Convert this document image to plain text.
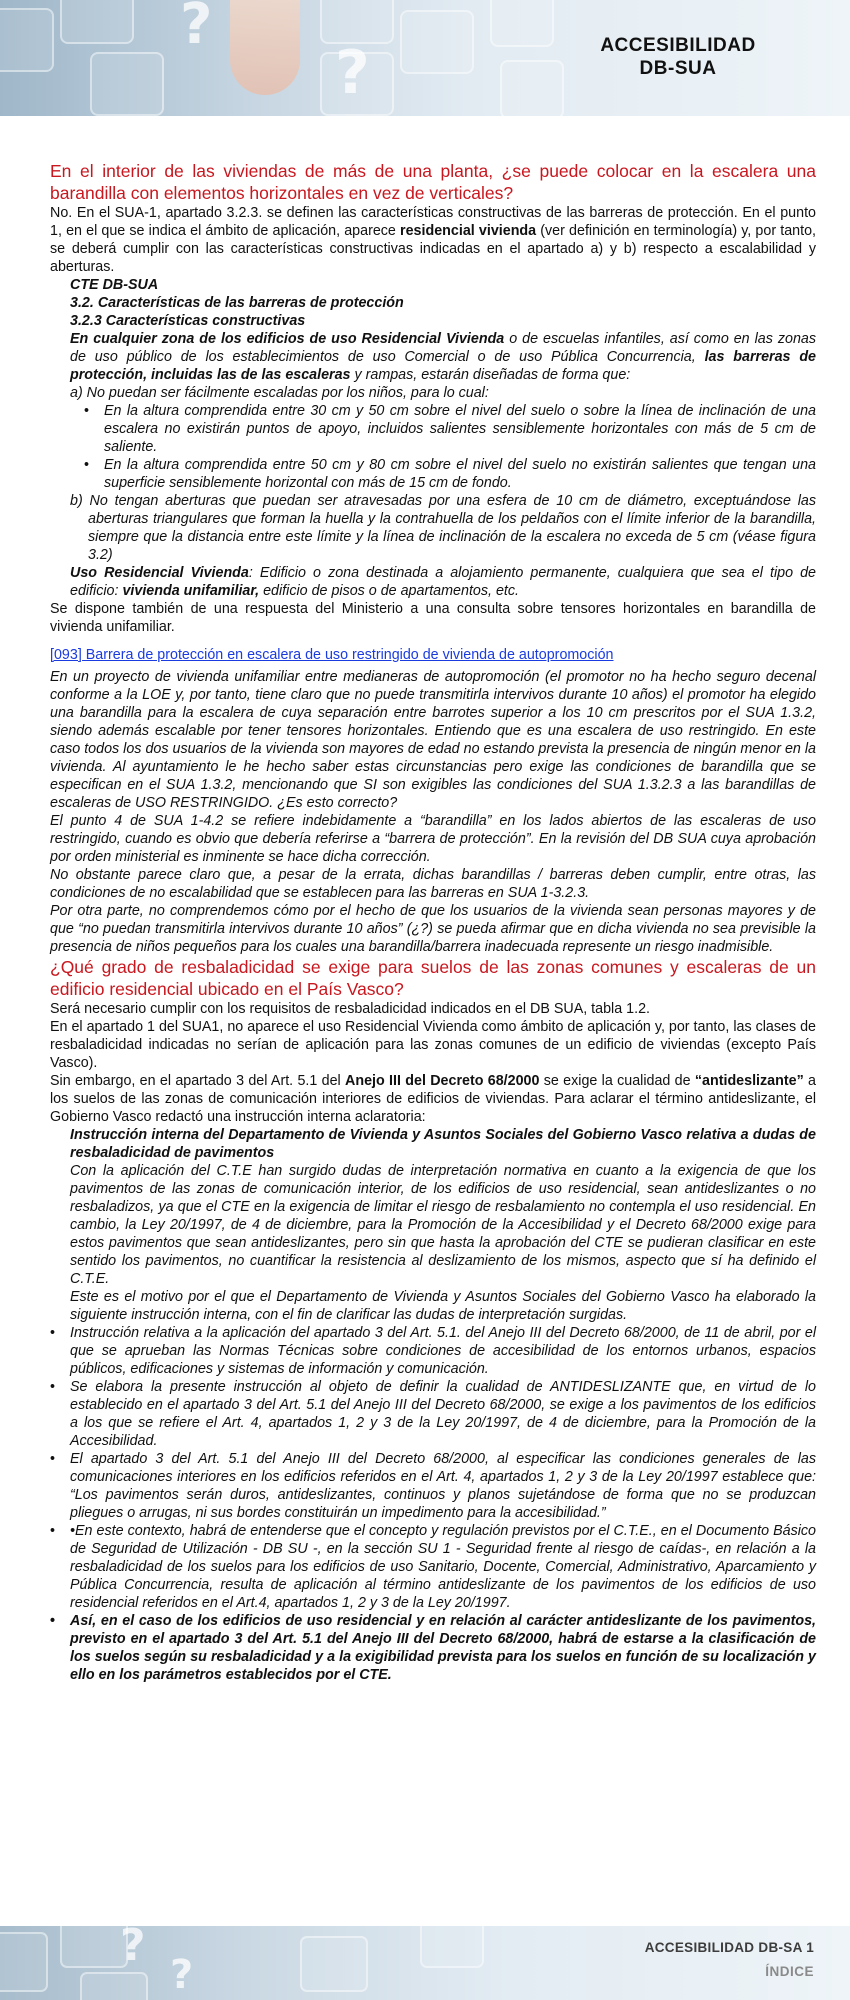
?
?	ACCESIBILIDAD
DB-SUA

En el interior de las viviendas de más de una planta, ¿se puede colocar en la escalera una barandilla con elementos horizontales en vez de verticales?

No. En el SUA-1, apartado 3.2.3. se definen las características constructivas de las barreras de protección. En el punto 1, en el que se indica el ámbito de aplicación, aparece residencial vivienda (ver definición en terminología) y, por tanto, se deberá cumplir con las características constructivas indicadas en el apartado a) y b) respecto a escalabilidad y aberturas.

CTE DB-SUA

3.2. Características de las barreras de protección

3.2.3 Características constructivas

En cualquier zona de los edificios de uso Residencial Vivienda o de escuelas infantiles, así como en las zonas de uso público de los establecimientos de uso Comercial o de uso Pública Concurrencia, las barreras de protección, incluidas las de las escaleras y rampas, estarán diseñadas de forma que:

a) No puedan ser fácilmente escaladas por los niños, para lo cual:

• En la altura comprendida entre 30 cm y 50 cm sobre el nivel del suelo o sobre la línea de inclinación de una escalera no existirán puntos de apoyo, incluidos salientes sensiblemente horizontales con más de 5 cm de saliente.
• En la altura comprendida entre 50 cm y 80 cm sobre el nivel del suelo no existirán salientes que tengan una superficie sensiblemente horizontal con más de 15 cm de fondo.

b) No tengan aberturas que puedan ser atravesadas por una esfera de 10 cm de diámetro, exceptuándose las aberturas triangulares que forman la huella y la contrahuella de los peldaños con el límite inferior de la barandilla, siempre que la distancia entre este límite y la línea de inclinación de la escalera no exceda de 5 cm (véase figura 3.2)

Uso Residencial Vivienda: Edificio o zona destinada a alojamiento permanente, cualquiera que sea el tipo de edificio: vivienda unifamiliar, edificio de pisos o de apartamentos, etc.

Se dispone también de una respuesta del Ministerio a una consulta sobre tensores horizontales en barandilla de vivienda unifamiliar.

[093] Barrera de protección en escalera de uso restringido de vivienda de autopromoción

En un proyecto de vivienda unifamiliar entre medianeras de autopromoción (el promotor no ha hecho seguro decenal conforme a la LOE y, por tanto, tiene claro que no puede transmitirla intervivos durante 10 años) el promotor ha elegido una barandilla para la escalera de cuya separación entre barrotes superior a los 10 cm prescritos por el SUA 1.3.2, siendo además escalable por tener tensores horizontales. Entiendo que es una escalera de uso restringido. En este caso todos los dos usuarios de la vivienda son mayores de edad no estando prevista la presencia de ningún menor en la vivienda. Al ayuntamiento le he hecho saber estas circunstancias pero exige las condiciones de barandilla que se especifican en el SUA 1.3.2, mencionando que SI son exigibles las condiciones del SUA 1.3.2.3 a las barandillas de escaleras de USO RESTRINGIDO. ¿Es esto correcto?

El punto 4 de SUA 1-4.2 se refiere indebidamente a “barandilla” en los lados abiertos de las escaleras de uso restringido, cuando es obvio que debería referirse a “barrera de protección”. En la revisión del DB SUA cuya aprobación por orden ministerial es inminente se hace dicha corrección.

No obstante parece claro que, a pesar de la errata, dichas barandillas / barreras deben cumplir, entre otras, las condiciones de no escalabilidad que se establecen para las barreras en SUA 1-3.2.3.

Por otra parte, no comprendemos cómo por el hecho de que los usuarios de la vivienda sean personas mayores y de que “no puedan transmitirla intervivos durante 10 años” (¿?) se pueda afirmar que en dicha vivienda no sea previsible la presencia de niños pequeños para los cuales una barandilla/barrera inadecuada represente un riesgo inadmisible.

¿Qué grado de resbaladicidad se exige para suelos de las zonas comunes y escaleras de un edificio residencial ubicado en el País Vasco?

Será necesario cumplir con los requisitos de resbaladicidad indicados en el DB SUA, tabla 1.2.

En el apartado 1 del SUA1, no aparece el uso Residencial Vivienda como ámbito de aplicación y, por tanto, las clases de resbaladicidad indicadas no serían de aplicación para las zonas comunes de un edificio de viviendas (excepto País Vasco).

Sin embargo, en el apartado 3 del Art. 5.1 del Anejo III del Decreto 68/2000 se exige la cualidad de “antideslizante” a los suelos de las zonas de comunicación interiores de edificios de viviendas. Para aclarar el término antideslizante, el Gobierno Vasco redactó una instrucción interna aclaratoria:

Instrucción interna del Departamento de Vivienda y Asuntos Sociales del Gobierno Vasco relativa a dudas de resbaladicidad de pavimentos

Con la aplicación del C.T.E han surgido dudas de interpretación normativa en cuanto a la exigencia de que los pavimentos de las zonas de comunicación interior, de los edificios de uso residencial, sean antideslizantes o no resbaladizos, ya que el CTE en la exigencia de limitar el riesgo de resbalamiento no contempla el uso residencial. En cambio, la Ley 20/1997, de 4 de diciembre, para la Promoción de la Accesibilidad y el Decreto 68/2000 exige para estos pavimentos que sean antideslizantes, pero sin que hasta la aprobación del CTE se pudieran clasificar en este sentido los pavimentos, no cuantificar la resistencia al deslizamiento de los mismos, aspecto que sí ha definido el C.T.E.

Este es el motivo por el que el Departamento de Vivienda y Asuntos Sociales del Gobierno Vasco ha elaborado la siguiente instrucción interna, con el fin de clarificar las dudas de interpretación surgidas.

• Instrucción relativa a la aplicación del apartado 3 del Art. 5.1. del Anejo III del Decreto 68/2000, de 11 de abril, por el que se aprueban las Normas Técnicas sobre condiciones de accesibilidad de los entornos urbanos, espacios públicos, edificaciones y sistemas de información y comunicación.
• Se elabora la presente instrucción al objeto de definir la cualidad de ANTIDESLIZANTE que, en virtud de lo establecido en el apartado 3 del Art. 5.1 del Anejo III del Decreto 68/2000, se exige a los pavimentos de los edificios a los que se refiere el Art. 4, apartados 1, 2 y 3 de la Ley 20/1997, de 4 de diciembre, para la Promoción de la Accesibilidad.
• El apartado 3 del Art. 5.1 del Anejo III del Decreto 68/2000, al especificar las condiciones generales de las comunicaciones interiores en los edificios referidos en el Art. 4, apartados 1, 2 y 3 de la Ley 20/1997 establece que: “Los pavimentos serán duros, antideslizantes, continuos y planos sujetándose de forma que no se produzcan pliegues o arrugas, ni sus bordes constituirán un impedimento para la accesibilidad.”
• •En este contexto, habrá de entenderse que el concepto y regulación previstos por el C.T.E., en el Documento Básico de Seguridad de Utilización - DB SU -, en la sección SU 1 - Seguridad frente al riesgo de caídas-, en relación a la resbaladicidad de los suelos para los edificios de uso Sanitario, Docente, Comercial, Administrativo, Aparcamiento y Pública Concurrencia, resulta de aplicación al término antideslizante de los pavimentos de los edificios de uso residencial referidos en el Art.4, apartados 1, 2 y 3 de la Ley 20/1997.
• Así, en el caso de los edificios de uso residencial y en relación al carácter antideslizante de los pavimentos, previsto en el apartado 3 del Art. 5.1 del Anejo III del Decreto 68/2000, habrá de estarse a la clasificación de los suelos según su resbaladicidad y a la exigibilidad prevista para los suelos en función de su localización y ello en los parámetros establecidos por el CTE.
?
?
ACCESIBILIDAD DB-SA 1
ÍNDICE
